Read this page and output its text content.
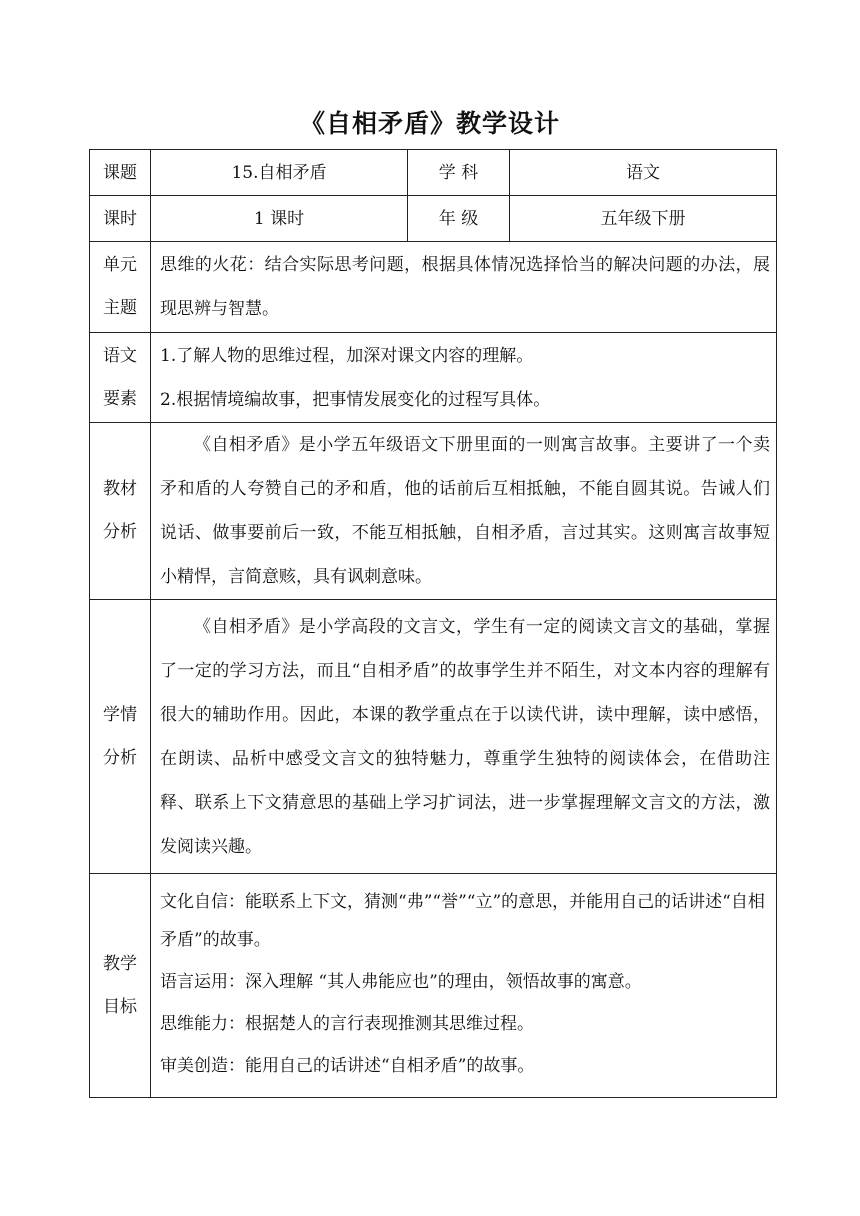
《自相矛盾》教学设计
课题	15.自相矛盾	学 科	语文
课时	1 课时	年 级	五年级下册
单元主题	思维的火花：结合实际思考问题，根据具体情况选择恰当的解决问题的办法，展现思辨与智慧。		

语文要素	1.了解人物的思维过程，加深对课文内容的理解。

2.根据情境编故事，把事情发展变化的过程写具体。		

教材分析	《自相矛盾》是小学五年级语文下册里面的一则寓言故事。主要讲了一个卖矛和盾的人夸赞自己的矛和盾，他的话前后互相抵触，不能自圆其说。告诫人们说话、做事要前后一致，不能互相抵触，自相矛盾，言过其实。这则寓言故事短小精悍，言简意赅，具有讽刺意味。		

学情分析	《自相矛盾》是小学高段的文言文，学生有一定的阅读文言文的基础，掌握了一定的学习方法，而且“自相矛盾”的故事学生并不陌生，对文本内容的理解有很大的辅助作用。因此，本课的教学重点在于以读代讲，读中理解，读中感悟，在朗读、品析中感受文言文的独特魅力，尊重学生独特的阅读体会，在借助注释、联系上下文猜意思的基础上学习扩词法，进一步掌握理解文言文的方法，激发阅读兴趣。		

教学目标	文化自信：能联系上下文，猜测“弗”“誉”“立”的意思，并能用自己的话讲述“自相矛盾”的故事。

语言运用：深入理解 “其人弗能应也”的理由，领悟故事的寓意。

思维能力：根据楚人的言行表现推测其思维过程。

审美创造：能用自己的话讲述“自相矛盾”的故事。		
